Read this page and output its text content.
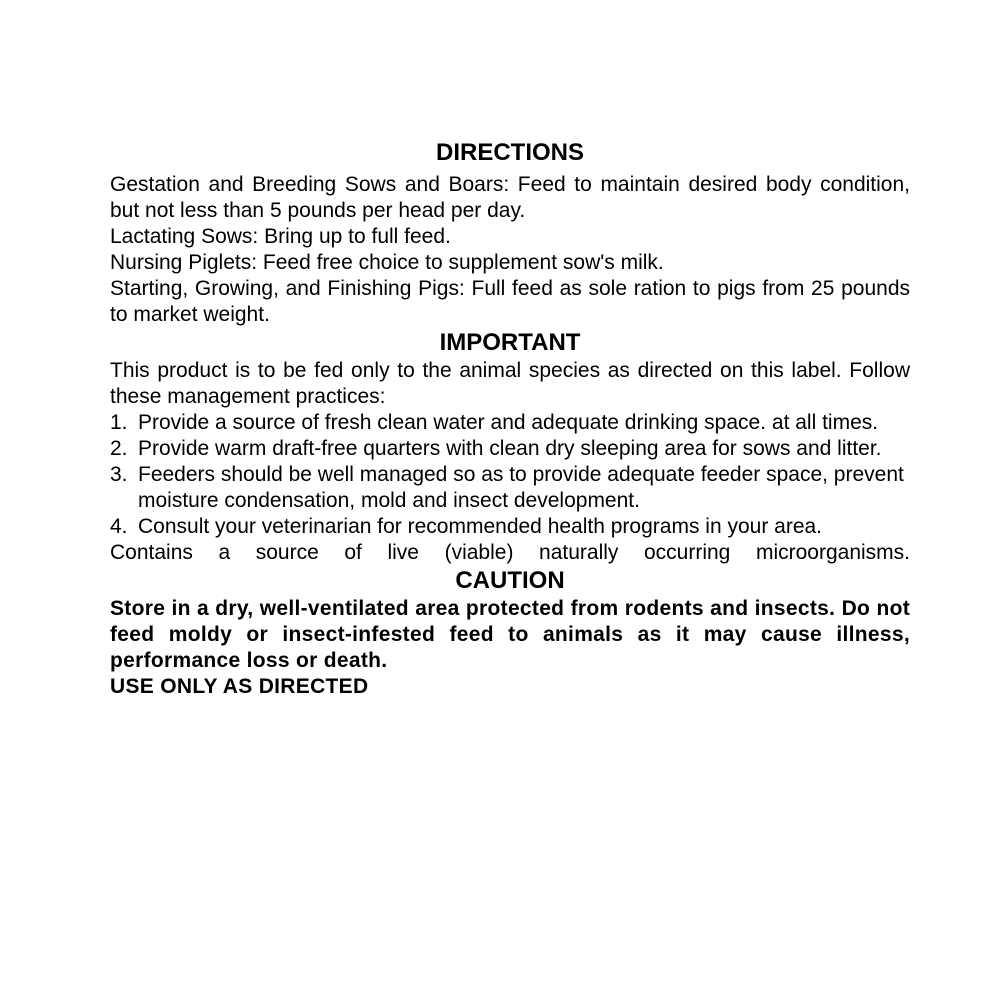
DIRECTIONS

Gestation and Breeding Sows and Boars: Feed to maintain desired body condition, but not less than 5 pounds per head per day.

Lactating Sows: Bring up to full feed.

Nursing Piglets: Feed free choice to supplement sow's milk.

Starting, Growing, and Finishing Pigs: Full feed as sole ration to pigs from 25 pounds to market weight.

IMPORTANT

This product is to be fed only to the animal species as directed on this label. Follow these management practices:

1. Provide a source of fresh clean water and adequate drinking space. at all times.
2. Provide warm draft-free quarters with clean dry sleeping area for sows and litter.
3. Feeders should be well managed so as to provide adequate feeder space, prevent moisture condensation, mold and insect development.
4. Consult your veterinarian for recommended health programs in your area.

Contains a source of live (viable) naturally occurring microorganisms.

CAUTION

Store in a dry, well-ventilated area protected from rodents and insects. Do not feed moldy or insect-infested feed to animals as it may cause illness, performance loss or death.

USE ONLY AS DIRECTED
